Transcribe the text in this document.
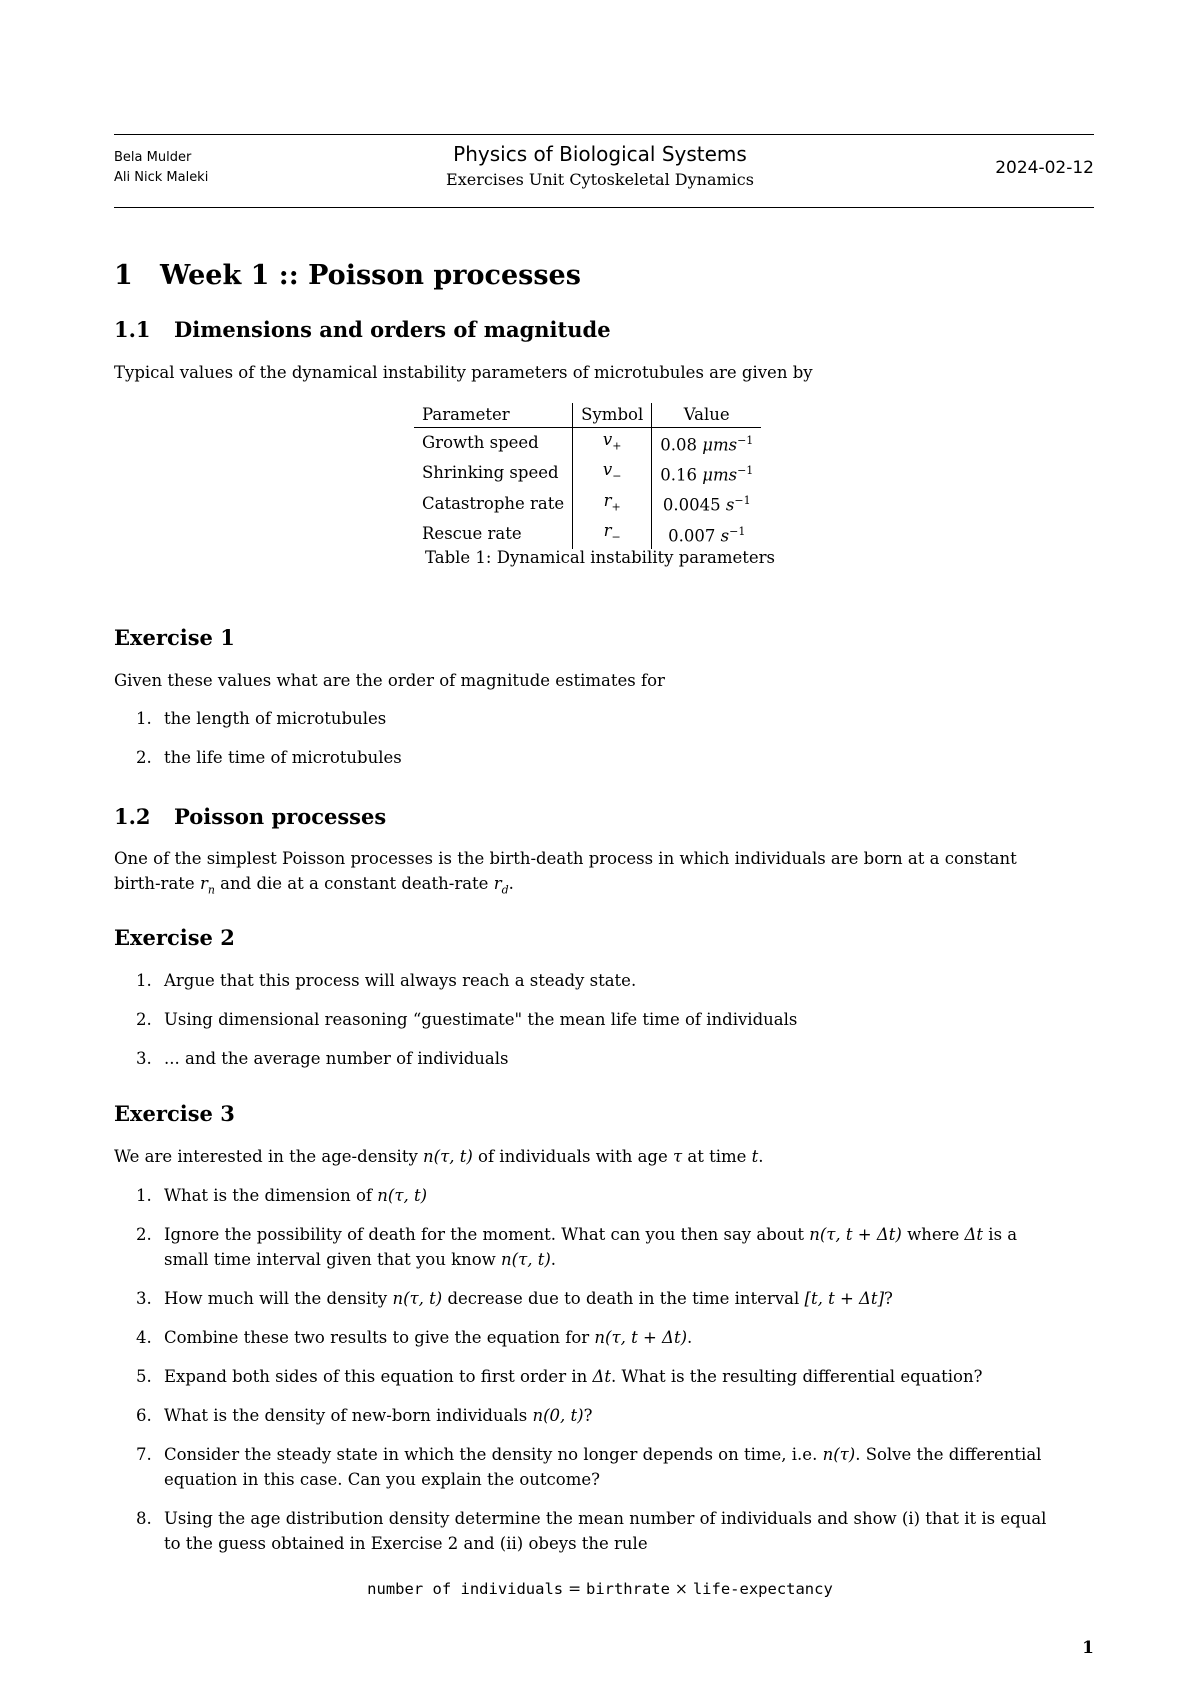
Bela Mulder
Ali Nick Maleki
Physics of Biological Systems
Exercises Unit Cytoskeletal Dynamics
2024-02-12
1 Week 1 :: Poisson processes
1.1 Dimensions and orders of magnitude

Typical values of the dynamical instability parameters of microtubules are given by

Parameter	Symbol	Value
Growth speed	$v_+$	0.08 μms$^{-1}$
Shrinking speed	$v_-$	0.16 μms$^{-1}$
Catastrophe rate	$r_+$	0.0045 $s^{-1}$
Rescue rate	$r_-$	0.007 $s^{-1}$
Table 1: Dynamical instability parameters
Exercise 1

Given these values what are the order of magnitude estimates for

1. the length of microtubules
2. the life time of microtubules
1.2 Poisson processes

One of the simplest Poisson processes is the birth-death process in which individuals are born at a constant
birth-rate $r_n$ and die at a constant death-rate $r_d$.

Exercise 2
1. Argue that this process will always reach a steady state.
2. Using dimensional reasoning “guestimate" the mean life time of individuals
3. ... and the average number of individuals
Exercise 3

We are interested in the age-density n(τ, t) of individuals with age τ at time t.

1. What is the dimension of n(τ, t)
2. Ignore the possibility of death for the moment. What can you then say about n(τ, t + Δt) where Δt is a
small time interval given that you know n(τ, t).
3. How much will the density n(τ, t) decrease due to death in the time interval [t, t + Δt]?
4. Combine these two results to give the equation for n(τ, t + Δt).
5. Expand both sides of this equation to first order in Δt. What is the resulting differential equation?
6. What is the density of new-born individuals n(0, t)?
7. Consider the steady state in which the density no longer depends on time, i.e. n(τ). Solve the differential
equation in this case. Can you explain the outcome?
8. Using the age distribution density determine the mean number of individuals and show (i) that it is equal
to the guess obtained in Exercise 2 and (ii) obeys the rule
number of individuals = birthrate × life-expectancy
1
